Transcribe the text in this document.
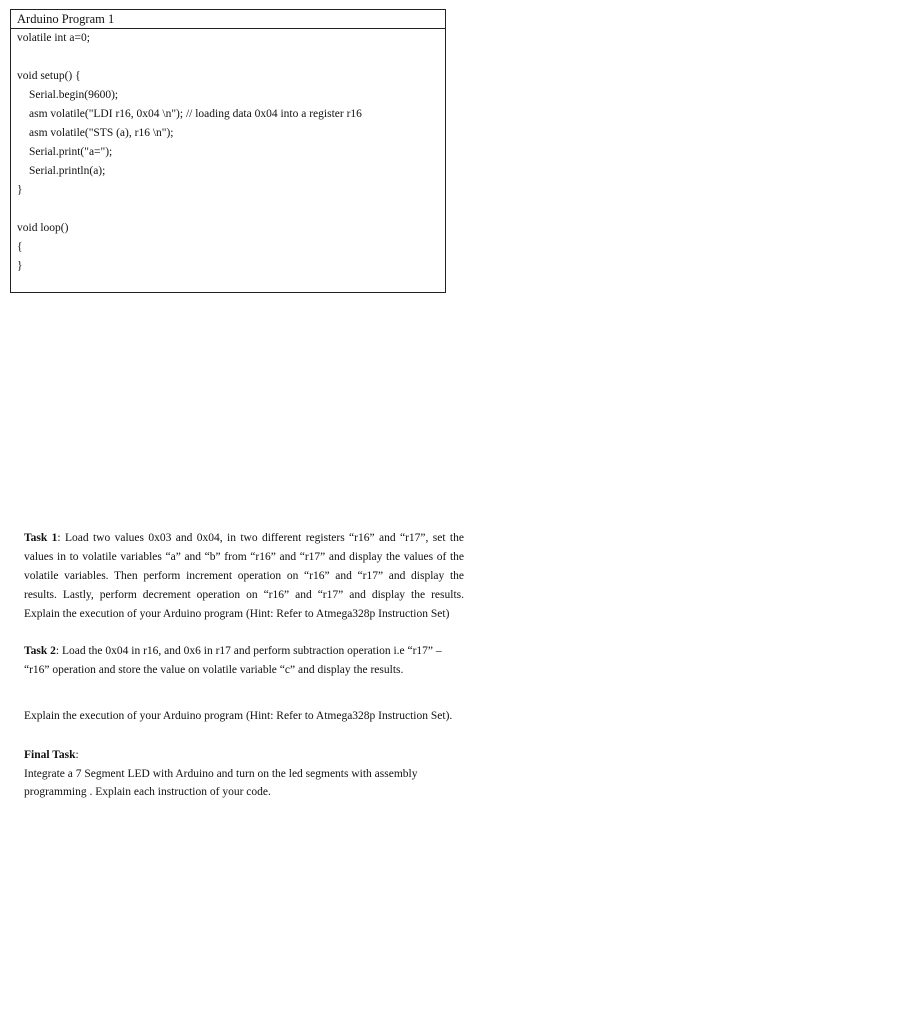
Arduino Program 1
volatile int a=0;
void setup() {
Serial.begin(9600);
asm volatile("LDI r16, 0x04 \n"); // loading data 0x04 into a register r16
asm volatile("STS (a), r16 \n");
Serial.print("a=");
Serial.println(a);
}
void loop()
{
}

Task 1: Load two values 0x03 and 0x04, in two different registers “r16” and “r17”, set the values in to volatile variables “a” and “b” from “r16” and “r17” and display the values of the volatile variables. Then perform increment operation on “r16” and “r17” and display the results. Lastly, perform decrement operation on “r16” and “r17” and display the results. Explain the execution of your Arduino program (Hint: Refer to Atmega328p Instruction Set)

Task 2: Load the 0x04 in r16, and 0x6 in r17 and perform subtraction operation i.e “r17” – “r16” operation and store the value on volatile variable “c” and display the results.

Explain the execution of your Arduino program (Hint: Refer to Atmega328p Instruction Set).

Final Task:
Integrate a 7 Segment LED with Arduino and turn on the led segments with assembly
programming . Explain each instruction of your code.
